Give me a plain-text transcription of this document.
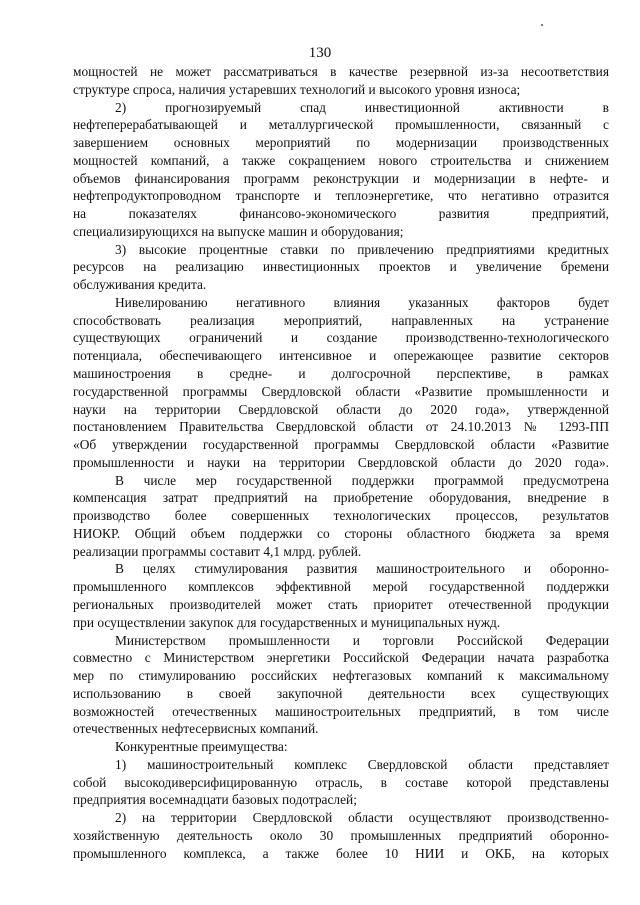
130
мощностей не может рассматриваться в качестве резервной из-за несоответствия
структуре спроса, наличия устаревших технологий и высокого уровня износа;
2) прогнозируемый спад инвестиционной активности в
нефтеперерабатывающей и металлургической промышленности, связанный с
завершением основных мероприятий по модернизации производственных
мощностей компаний, а также сокращением нового строительства и снижением
объемов финансирования программ реконструкции и модернизации в нефте- и
нефтепродуктопроводном транспорте и теплоэнергетике, что негативно отразится
на показателях финансово-экономического развития предприятий,
специализирующихся на выпуске машин и оборудования;
3) высокие процентные ставки по привлечению предприятиями кредитных
ресурсов на реализацию инвестиционных проектов и увеличение бремени
обслуживания кредита.
Нивелированию негативного влияния указанных факторов будет
способствовать реализация мероприятий, направленных на устранение
существующих ограничений и создание производственно-технологического
потенциала, обеспечивающего интенсивное и опережающее развитие секторов
машиностроения в средне- и долгосрочной перспективе, в рамках
государственной программы Свердловской области «Развитие промышленности и
науки на территории Свердловской области до 2020 года», утвержденной
постановлением Правительства Свердловской области от 24.10.2013 № 1293-ПП
«Об утверждении государственной программы Свердловской области «Развитие
промышленности и науки на территории Свердловской области до 2020 года».
В числе мер государственной поддержки программой предусмотрена
компенсация затрат предприятий на приобретение оборудования, внедрение в
производство более совершенных технологических процессов, результатов
НИОКР. Общий объем поддержки со стороны областного бюджета за время
реализации программы составит 4,1 млрд. рублей.
В целях стимулирования развития машиностроительного и оборонно-
промышленного комплексов эффективной мерой государственной поддержки
региональных производителей может стать приоритет отечественной продукции
при осуществлении закупок для государственных и муниципальных нужд.
Министерством промышленности и торговли Российской Федерации
совместно с Министерством энергетики Российской Федерации начата разработка
мер по стимулированию российских нефтегазовых компаний к максимальному
использованию в своей закупочной деятельности всех существующих
возможностей отечественных машиностроительных предприятий, в том числе
отечественных нефтесервисных компаний.
Конкурентные преимущества:
1) машиностроительный комплекс Свердловской области представляет
собой высокодиверсифицированную отрасль, в составе которой представлены
предприятия восемнадцати базовых подотраслей;
2) на территории Свердловской области осуществляют производственно-
хозяйственную деятельность около 30 промышленных предприятий оборонно-
промышленного комплекса, а также более 10 НИИ и ОКБ, на которых
